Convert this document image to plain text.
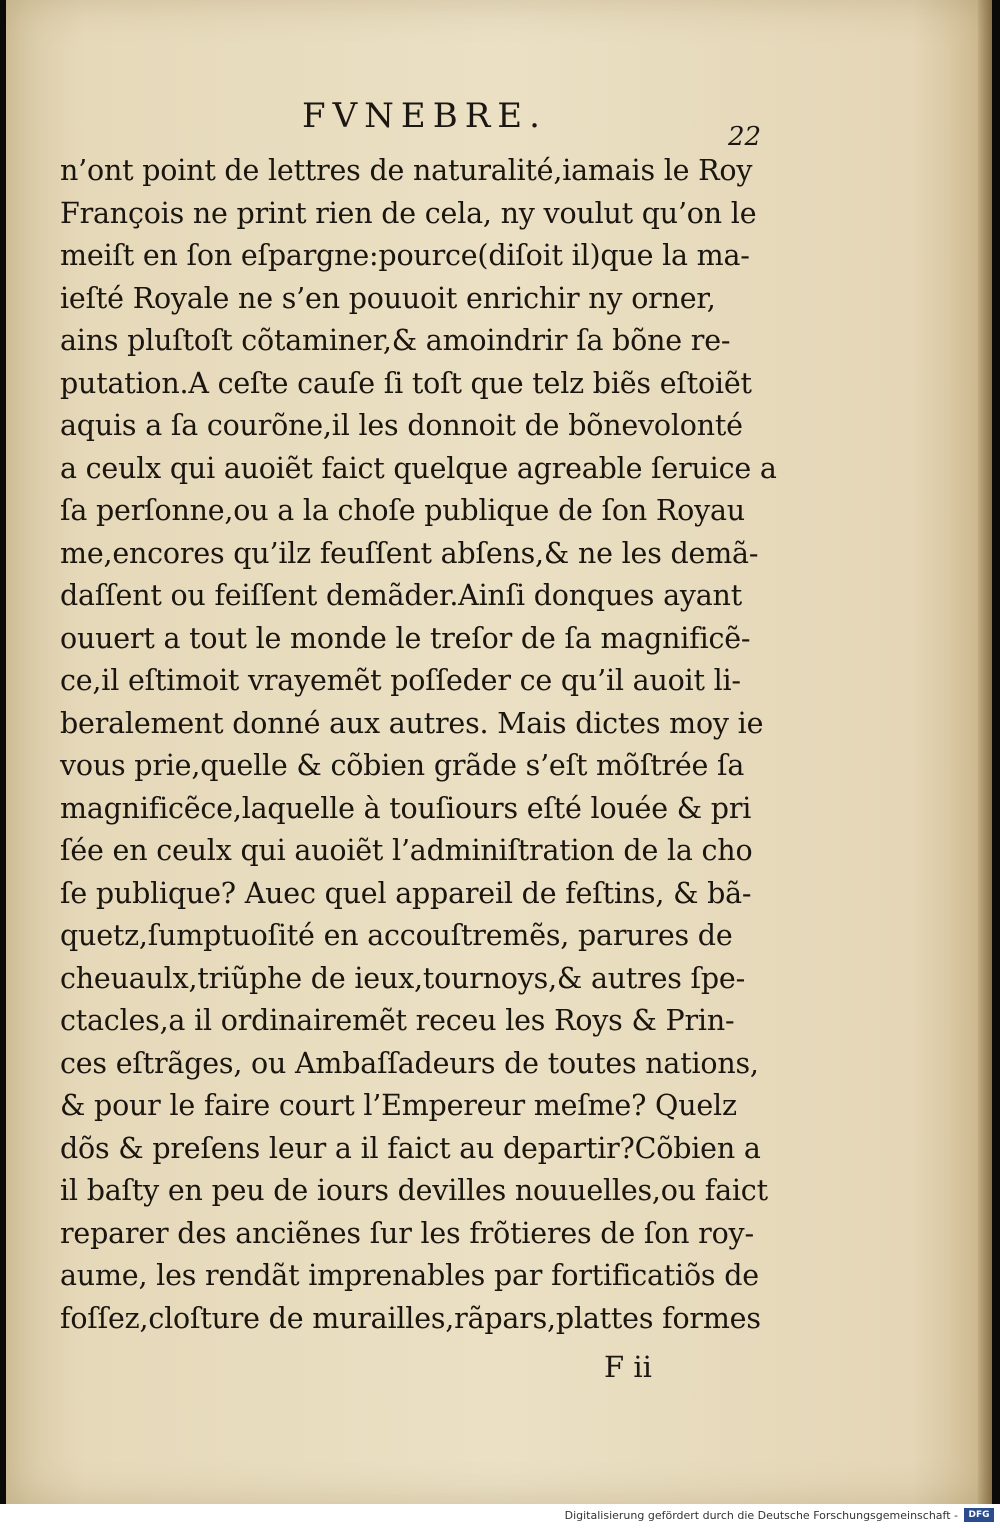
FVNEBRE.
22
n’ont point de lettres de naturalité,iamais le Roy
François ne print rien de cela, ny voulut qu’on le
meiſt en ſon eſpargne:pource(diſoit il)que la ma-
ieſté Royale ne s’en pouuoit enrichir ny orner,
ains pluſtoſt cõtaminer,& amoindrir ſa bõne re-
putation.A ceſte cauſe ſi toſt que telz biẽs eſtoiẽt
aquis a ſa courõne,il les donnoit de bõnevolonté
a ceulx qui auoiẽt faict quelque agreable ſeruice a
ſa perſonne,ou a la choſe publique de ſon Royau
me,encores qu’ilz feuſſent abſens,& ne les demã-
daſſent ou feiſſent demãder.Ainſi donques ayant
ouuert a tout le monde le treſor de ſa magnificẽ-
ce,il eſtimoit vrayemẽt poſſeder ce qu’il auoit li-
beralement donné aux autres. Mais dictes moy ie
vous prie,quelle & cõbien grãde s’eſt mõſtrée ſa
magnificẽce,laquelle à touſiours eſté louée & pri
ſée en ceulx qui auoiẽt l’adminiſtration de la cho
ſe publique? Auec quel appareil de feſtins, & bã-
quetz,ſumptuoſité en accouſtremẽs, parures de
cheuaulx,triũphe de ieux,tournoys,& autres ſpe-
ctacles,a il ordinairemẽt receu les Roys & Prin-
ces eſtrãges, ou Ambaſſadeurs de toutes nations,
& pour le faire court l’Empereur meſme? Quelz
dõs & preſens leur a il faict au departir?Cõbien a
il baſty en peu de iours devilles nouuelles,ou faict
reparer des anciẽnes ſur les frõtieres de ſon roy-
aume, les rendãt imprenables par fortificatiõs de
foſſez,cloſture de murailles,rãpars,plattes formes
F ii
Digitalisierung gefördert durch die Deutsche Forschungsgemeinschaft -	DFG
